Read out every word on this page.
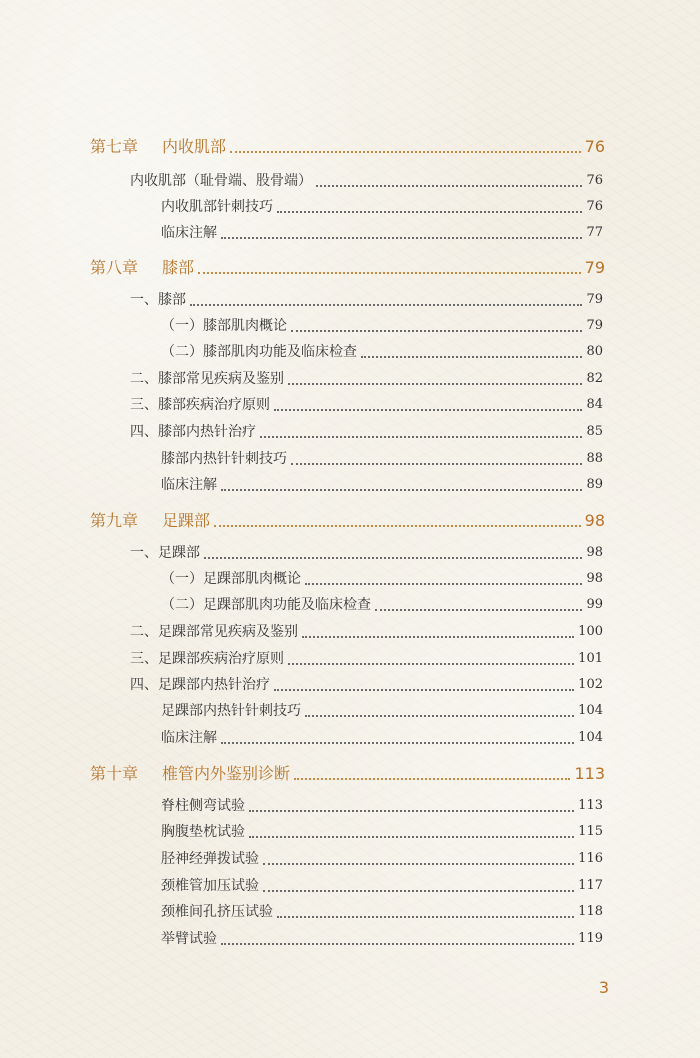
第七章 内收肌部	76
内收肌部（耻骨端、股骨端）	76
内收肌部针刺技巧	76
临床注解	77
第八章 膝部	79
一、膝部	79
（一）膝部肌肉概论	79
（二）膝部肌肉功能及临床检查	80
二、膝部常见疾病及鉴别	82
三、膝部疾病治疗原则	84
四、膝部内热针治疗	85
膝部内热针针刺技巧	88
临床注解	89
第九章 足踝部	98
一、足踝部	98
（一）足踝部肌肉概论	98
（二）足踝部肌肉功能及临床检查	99
二、足踝部常见疾病及鉴别	100
三、足踝部疾病治疗原则	101
四、足踝部内热针治疗	102
足踝部内热针针刺技巧	104
临床注解	104
第十章 椎管内外鉴别诊断	113
脊柱侧弯试验	113
胸腹垫枕试验	115
胫神经弹拨试验	116
颈椎管加压试验	117
颈椎间孔挤压试验	118
举臂试验	119
3
